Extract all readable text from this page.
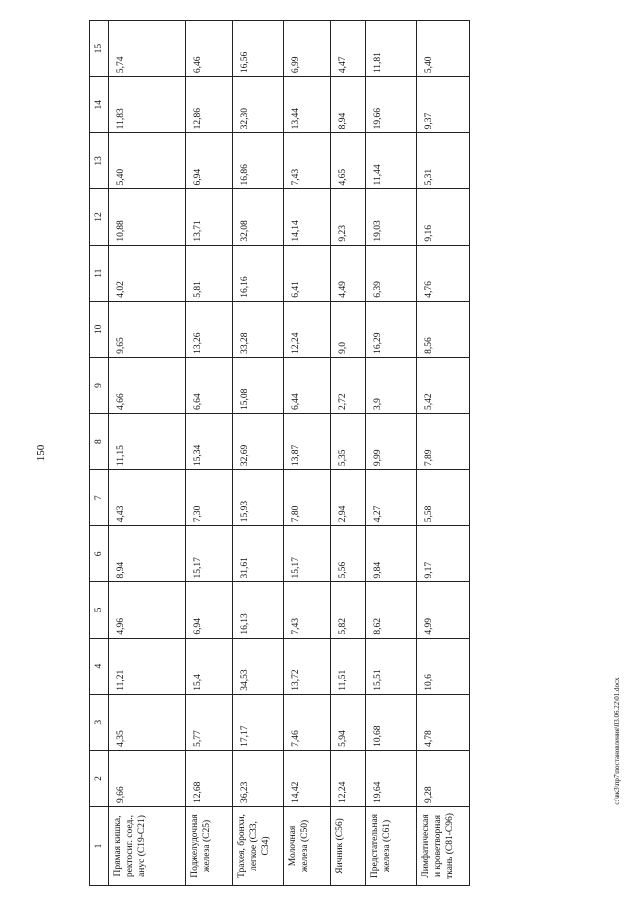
150
1	2	3	4	5	6	7	8	9	10	11	12	13	14	15
Прямая кишка, ректосиг. соед., анус (С19-С21)	9,66	4,35	11,21	4,96	8,94	4,43	11,15	4,66	9,65	4,02	10,88	5,40	11,83	5,74
Поджелудочная железа (С25)	12,68	5,77	15,4	6,94	15,17	7,30	15,34	6,64	13,26	5,81	13,71	6,94	12,86	6,46
Трахея, бронхи, легкое (С33, С34)	36,23	17,17	34,53	16,13	31,61	15,93	32,69	15,08	33,28	16,16	32,08	16,86	32,30	16,56
Молочная железа (С50)	14,42	7,46	13,72	7,43	15,17	7,80	13,87	6,44	12,24	6,41	14,14	7,43	13,44	6,99
Яичник (С56)	12,24	5,94	11,51	5,82	5,56	2,94	5,35	2,72	9,0	4,49	9,23	4,65	8,94	4,47
Предстательная железа (С61)	19,64	10,68	15,51	8,62	9,84	4,27	9,99	3,9	16,29	6,39	19,03	11,44	19,66	11,81
Лимфатическая и кроветворная ткань (С81-С96)	9,28	4,78	10,6	4,99	9,17	5,58	7,89	5,42	8,56	4,76	9,16	5,31	9,37	5,40
c:\вк3\пр7\постановления\03.06.22\01.docx
